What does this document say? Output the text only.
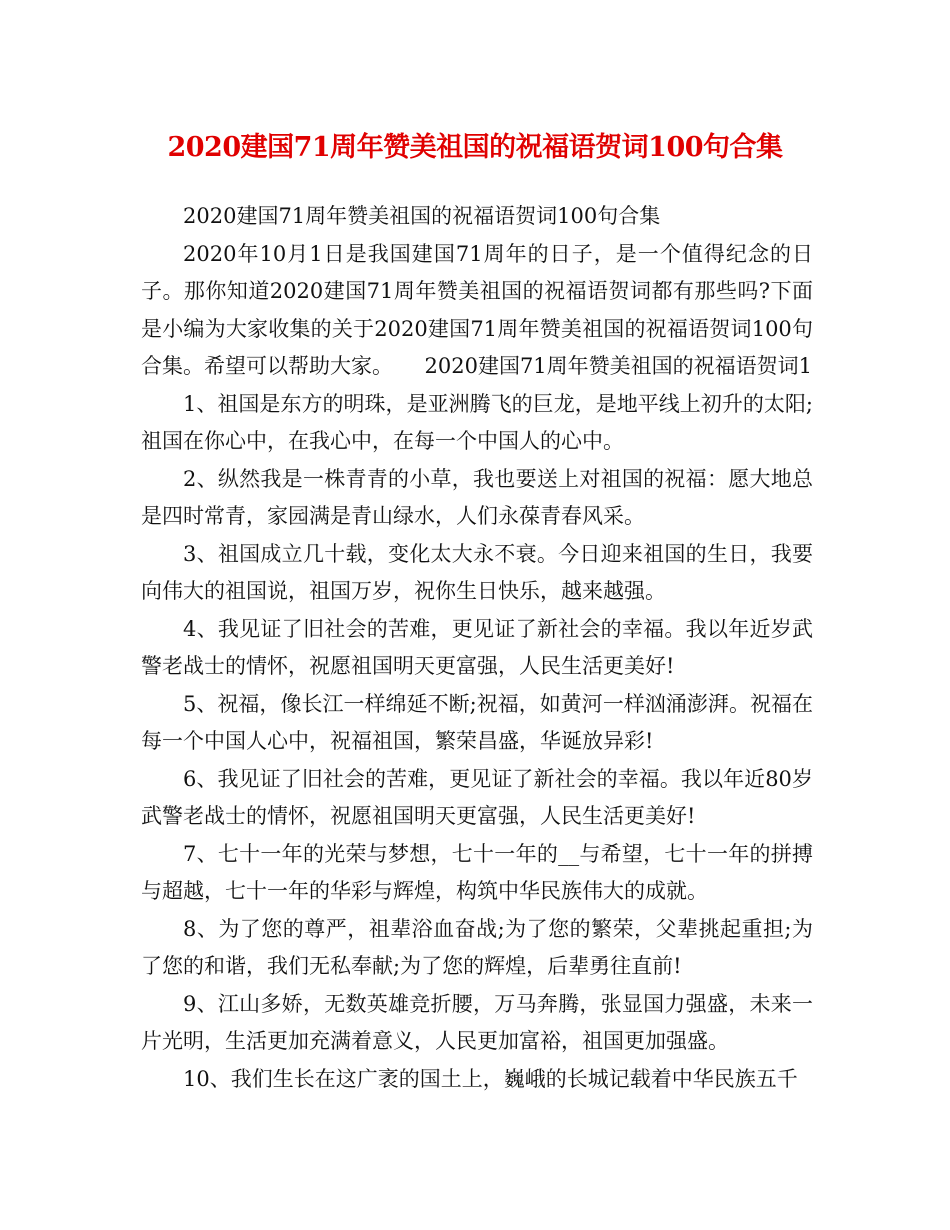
2020建国71周年赞美祖国的祝福语贺词100句合集

2020建国71周年赞美祖国的祝福语贺词100句合集

2020年10月1日是我国建国71周年的日子，是一个值得纪念的日子。那你知道2020建国71周年赞美祖国的祝福语贺词都有那些吗?下面是小编为大家收集的关于2020建国71周年赞美祖国的祝福语贺词100句合集。希望可以帮助大家。　　2020建国71周年赞美祖国的祝福语贺词1

1、祖国是东方的明珠，是亚洲腾飞的巨龙，是地平线上初升的太阳;祖国在你心中，在我心中，在每一个中国人的心中。

2、纵然我是一株青青的小草，我也要送上对祖国的祝福：愿大地总是四时常青，家园满是青山绿水，人们永葆青春风采。

3、祖国成立几十载，变化太大永不衰。今日迎来祖国的生日，我要向伟大的祖国说，祖国万岁，祝你生日快乐，越来越强。

4、我见证了旧社会的苦难，更见证了新社会的幸福。我以年近岁武警老战士的情怀，祝愿祖国明天更富强，人民生活更美好!

5、祝福，像长江一样绵延不断;祝福，如黄河一样汹涌澎湃。祝福在每一个中国人心中，祝福祖国，繁荣昌盛，华诞放异彩!

6、我见证了旧社会的苦难，更见证了新社会的幸福。我以年近80岁武警老战士的情怀，祝愿祖国明天更富强，人民生活更美好!

7、七十一年的光荣与梦想，七十一年的__与希望，七十一年的拼搏与超越，七十一年的华彩与辉煌，构筑中华民族伟大的成就。

8、为了您的尊严，祖辈浴血奋战;为了您的繁荣，父辈挑起重担;为了您的和谐，我们无私奉献;为了您的辉煌，后辈勇往直前!

9、江山多娇，无数英雄竞折腰，万马奔腾，张显国力强盛，未来一片光明，生活更加充满着意义，人民更加富裕，祖国更加强盛。

10、我们生长在这广袤的国土上，巍峨的长城记载着中华民族五千
